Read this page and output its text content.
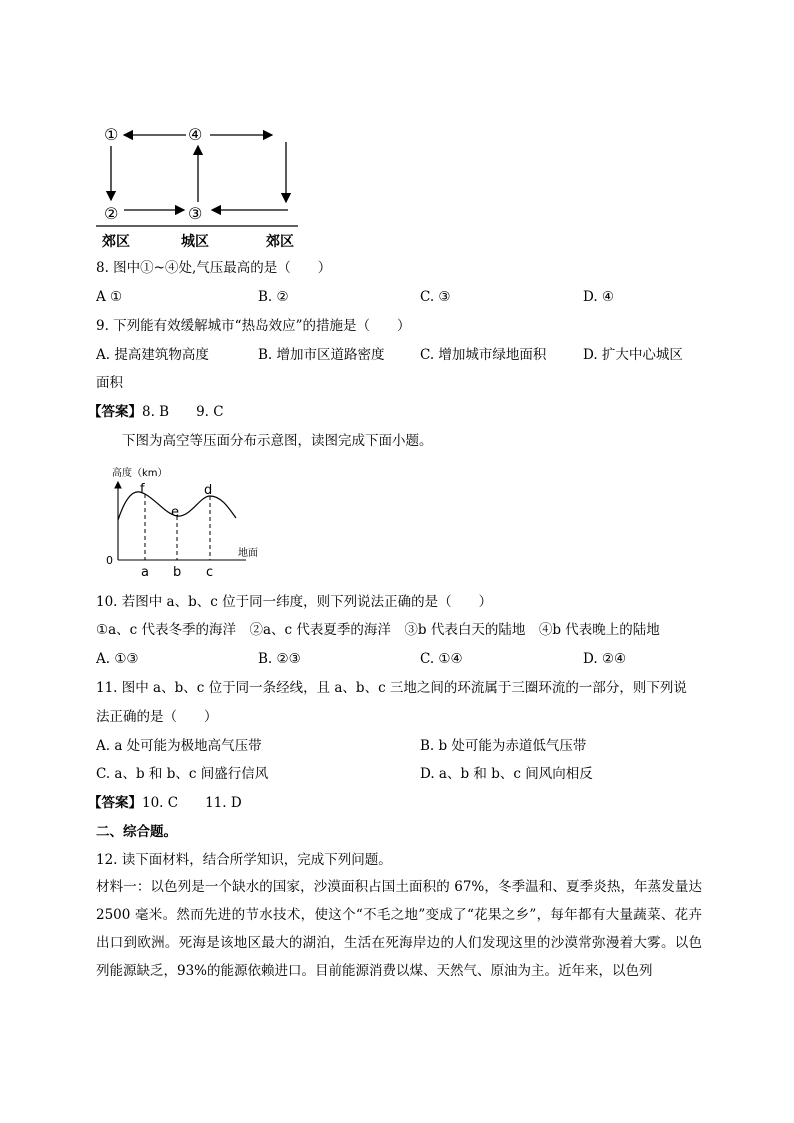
①	④
②	③
郊区	城区	郊区
8. 图中①~④处,气压最高的是（　　）
A ①	B. ②	C. ③	D. ④
9. 下列能有效缓解城市“热岛效应”的措施是（　　）
A. 提高建筑物高度	B. 增加市区道路密度	C. 增加城市绿地面积	D. 扩大中心城区
面积
【答案】8. B　　9. C
下图为高空等压面分布示意图，读图完成下面小题。
高度（km）
0
地面
f
e
d
a b c
10. 若图中 a、b、c 位于同一纬度，则下列说法正确的是（　　）
①a、c 代表冬季的海洋　②a、c 代表夏季的海洋　③b 代表白天的陆地　④b 代表晚上的陆地
A. ①③	B. ②③	C. ①④	D. ②④
11. 图中 a、b、c 位于同一条经线，且 a、b、c 三地之间的环流属于三圈环流的一部分，则下列说
法正确的是（　　）
A. a 处可能为极地高气压带	B. b 处可能为赤道低气压带
C. a、b 和 b、c 间盛行信风	D. a、b 和 b、c 间风向相反
【答案】10. C　　11. D
二、综合题。
12. 读下面材料，结合所学知识，完成下列问题。
材料一：以色列是一个缺水的国家，沙漠面积占国土面积的 67%，冬季温和、夏季炎热，年蒸发量达 2500 毫米。然而先进的节水技术，使这个“不毛之地”变成了“花果之乡”，每年都有大量蔬菜、花卉出口到欧洲。死海是该地区最大的湖泊，生活在死海岸边的人们发现这里的沙漠常弥漫着大雾。以色列能源缺乏，93%的能源依赖进口。目前能源消费以煤、天然气、原油为主。近年来，以色列
